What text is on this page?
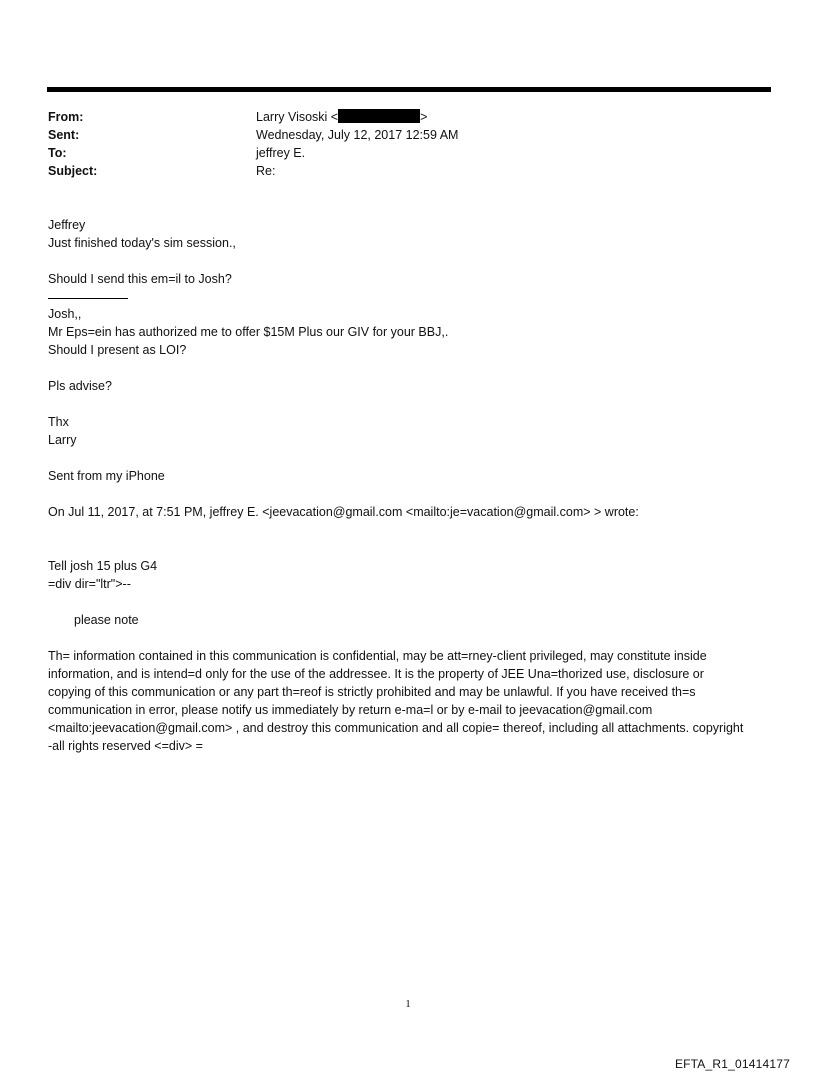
From:	Larry Visoski <	>
Sent:	Wednesday, July 12, 2017 12:59 AM
To:	jeffrey E.
Subject:	Re:
Jeffrey
Just finished today's sim session.,
Should I send this em=il to Josh?
Josh,,
Mr Eps=ein has authorized me to offer $15M Plus our GIV for your BBJ,.
Should I present as LOI?
Pls advise?
Thx
Larry
Sent from my iPhone
On Jul 11, 2017, at 7:51 PM, jeffrey E. <jeevacation@gmail.com <mailto:je=vacation@gmail.com> > wrote:
Tell josh 15 plus G4
=div dir="ltr">--
please note
Th= information contained in this communication is confidential, may be att=rney-client privileged, may constitute inside information, and is intend=d only for the use of the addressee. It is the property of JEE Una=thorized use, disclosure or copying of this communication or any part th=reof is strictly prohibited and may be unlawful. If you have received th=s communication in error, please notify us immediately by return e-ma=l or by e-mail to jeevacation@gmail.com <mailto:jeevacation@gmail.com> , and destroy this communication and all copie= thereof, including all attachments. copyright -all rights reserved <=div> =
1
EFTA_R1_01414177
